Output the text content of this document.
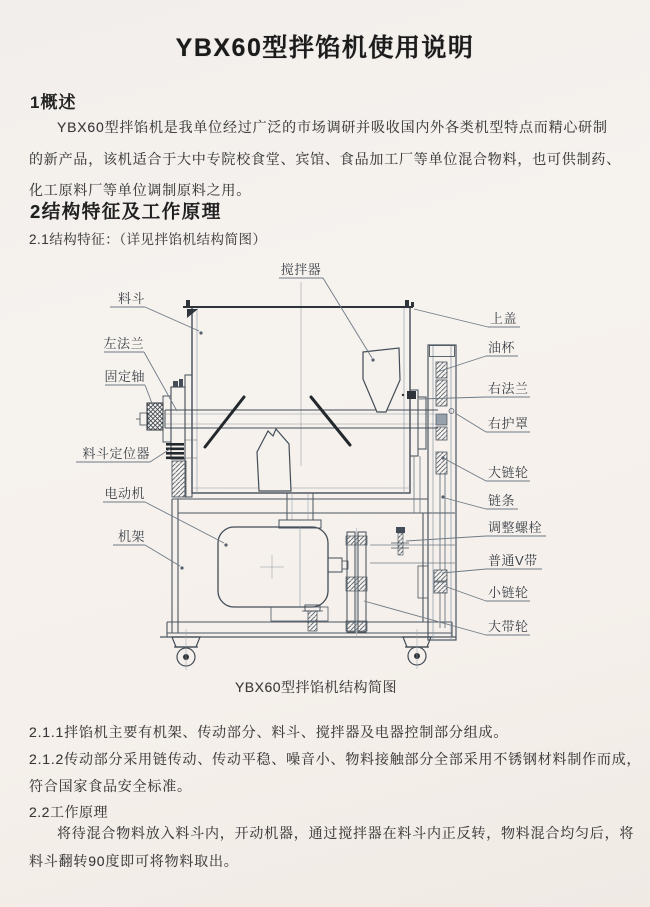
YBX60型拌馅机使用说明
1概述
YBX60型拌馅机是我单位经过广泛的市场调研并吸收国内外各类机型特点而精心研制
的新产品，该机适合于大中专院校食堂、宾馆、食品加工厂等单位混合物料，也可供制药、
化工原料厂等单位调制原料之用。
2结构特征及工作原理
2.1结构特征：（详见拌馅机结构简图）
搅拌器
料斗
左法兰
固定轴
料斗定位器
电动机
机架
上盖
油杯
右法兰
右护罩
大链轮
链条
调整螺栓
普通V带
小链轮
大带轮
YBX60型拌馅机结构简图
2.1.1拌馅机主要有机架、传动部分、料斗、搅拌器及电器控制部分组成。
2.1.2传动部分采用链传动、传动平稳、噪音小、物料接触部分全部采用不锈钢材料制作而成，
符合国家食品安全标准。
2.2工作原理
将待混合物料放入料斗内，开动机器，通过搅拌器在料斗内正反转，物料混合均匀后，将
料斗翻转90度即可将物料取出。
